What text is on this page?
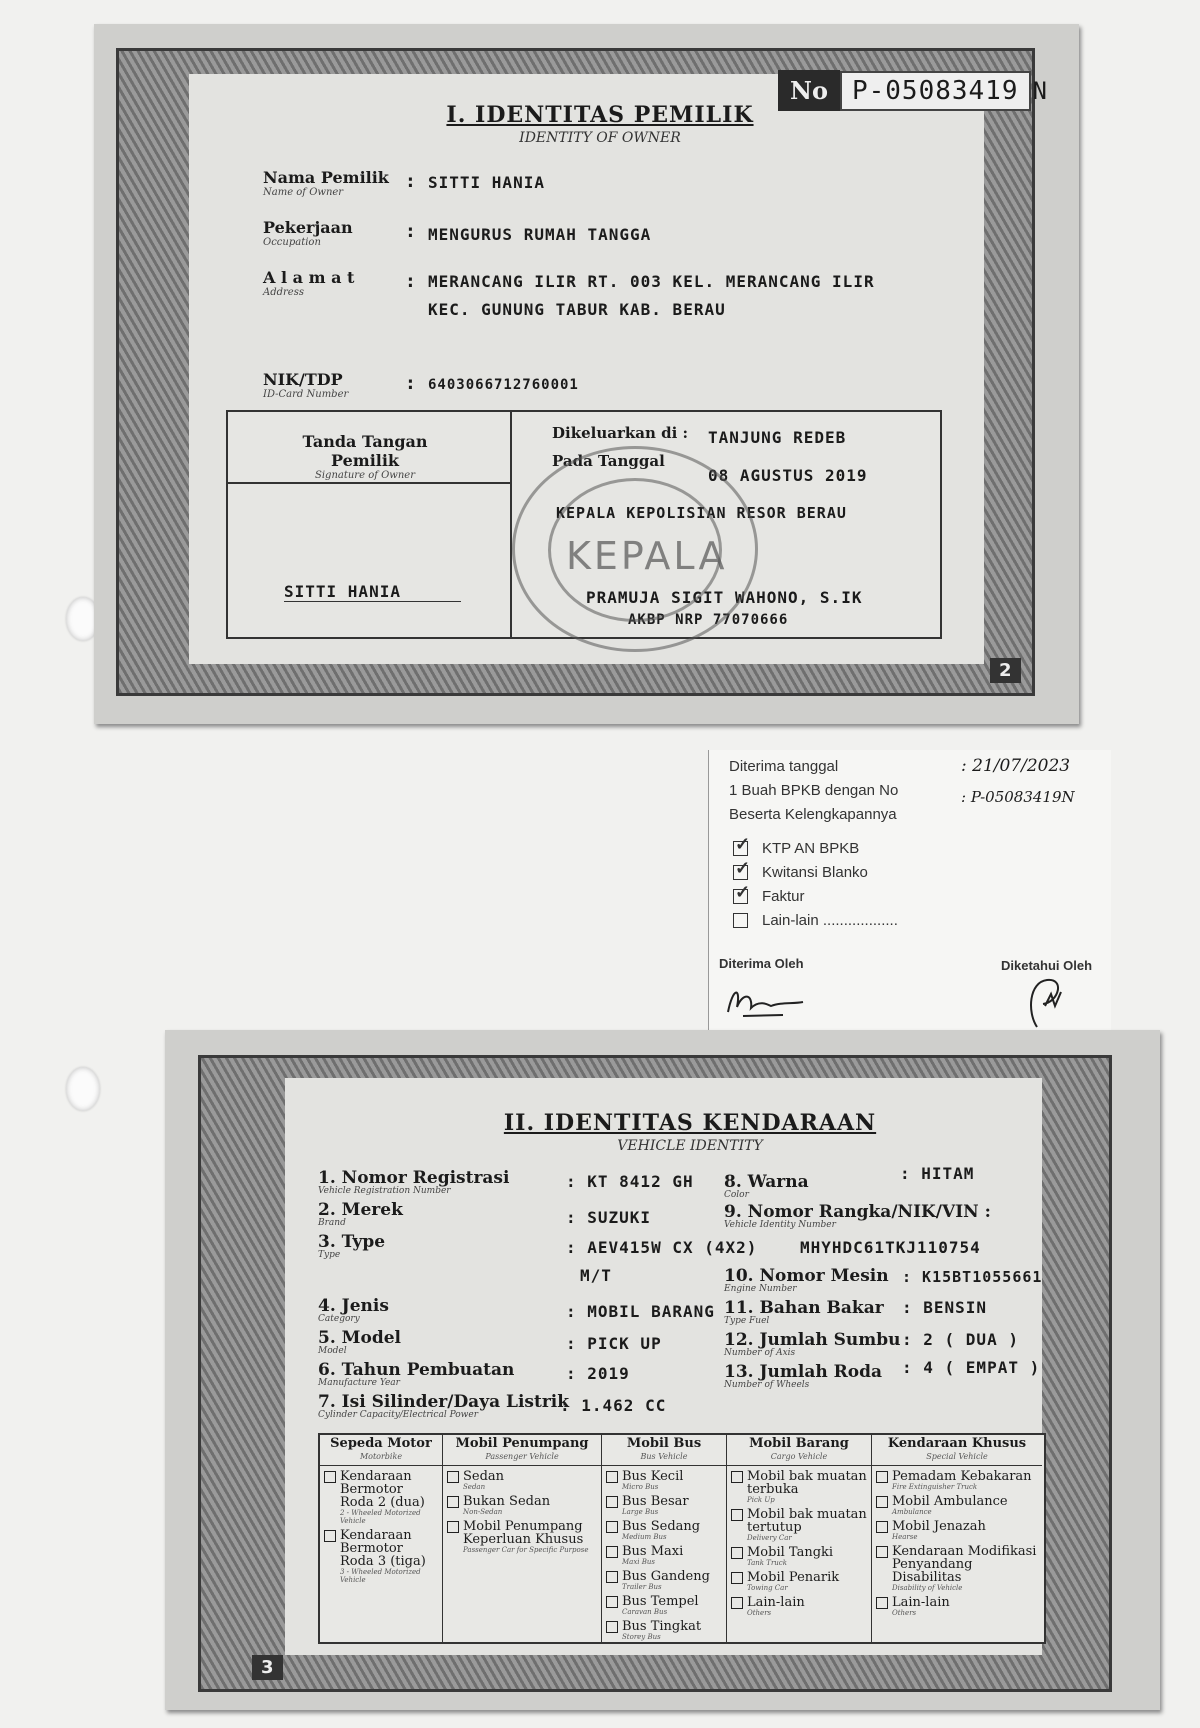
No P-05083419 N
I. IDENTITAS PEMILIK
IDENTITY OF OWNER
Nama Pemilik
Name of Owner
: SITTI HANIA
Pekerjaan
Occupation
: MENGURUS RUMAH TANGGA
A l a m a t
Address
: MERANCANG ILIR RT. 003 KEL. MERANCANG ILIR
KEC. GUNUNG TABUR KAB. BERAU
NIK/TDP
ID-Card Number
: 6403066712760001
Tanda Tangan Pemilik
Signature of Owner
SITTI HANIA
Dikeluarkan di : TANJUNG REDEB
Pada Tanggal
08 AGUSTUS 2019
KEPALA KEPOLISIAN RESOR BERAU
PRAMUJA SIGIT WAHONO, S.IK
AKBP NRP 77070666
KEPALA
2
Diterima tanggal	: 21/07/2023
1 Buah BPKB dengan No	: P-05083419N
Beserta Kelengkapannya
✓
KTP AN BPKB
✓
Kwitansi Blanko
✓
Faktur
Lain-lain ..................
Diterima Oleh	Diketahui Oleh
II. IDENTITAS KENDARAAN
VEHICLE IDENTITY
1. Nomor Registrasi
Vehicle Registration Number	: KT 8412 GH
2. Merek
Brand	: SUZUKI
3. Type
Type	: AEV415W CX (4X2)
M/T
4. Jenis
Category	: MOBIL BARANG
5. Model
Model	: PICK UP
6. Tahun Pembuatan
Manufacture Year	: 2019
7. Isi Silinder/Daya Listrik
Cylinder Capacity/Electrical Power	: 1.462 CC
8. Warna
Color
: HITAM
9. Nomor Rangka/NIK/VIN :
Vehicle Identity Number
MHYHDC61TKJ110754
10. Nomor Mesin
Engine Number
: K15BT1055661
11. Bahan Bakar
Type Fuel
: BENSIN
12. Jumlah Sumbu
Number of Axis
: 2 ( DUA )
13. Jumlah Roda
Number of Wheels
: 4 ( EMPAT )
Sepeda Motor
Motorbike
Kendaraan Bermotor Roda 2 (dua)
2 - Wheeled Motorized Vehicle
Kendaraan Bermotor Roda 3 (tiga)
3 - Wheeled Motorized Vehicle
Mobil Penumpang
Passenger Vehicle
Sedan
Sedan
Bukan Sedan
Non-Sedan
Mobil Penumpang Keperluan Khusus
Passenger Car for Specific Purpose
Mobil Bus
Bus Vehicle
Bus Kecil
Micro Bus
Bus Besar
Large Bus
Bus Sedang
Medium Bus
Bus Maxi
Maxi Bus
Bus Gandeng
Trailer Bus
Bus Tempel
Caravan Bus
Bus Tingkat
Storey Bus
Mobil Barang
Cargo Vehicle
Mobil bak muatan terbuka
Pick Up
Mobil bak muatan tertutup
Delivery Car
Mobil Tangki
Tank Truck
Mobil Penarik
Towing Car
Lain-lain
Others
Kendaraan Khusus
Special Vehicle
Pemadam Kebakaran
Fire Extinguisher Truck
Mobil Ambulance
Ambulance
Mobil Jenazah
Hearse
Kendaraan Modifikasi Penyandang Disabilitas
Disability of Vehicle
Lain-lain
Others
3
